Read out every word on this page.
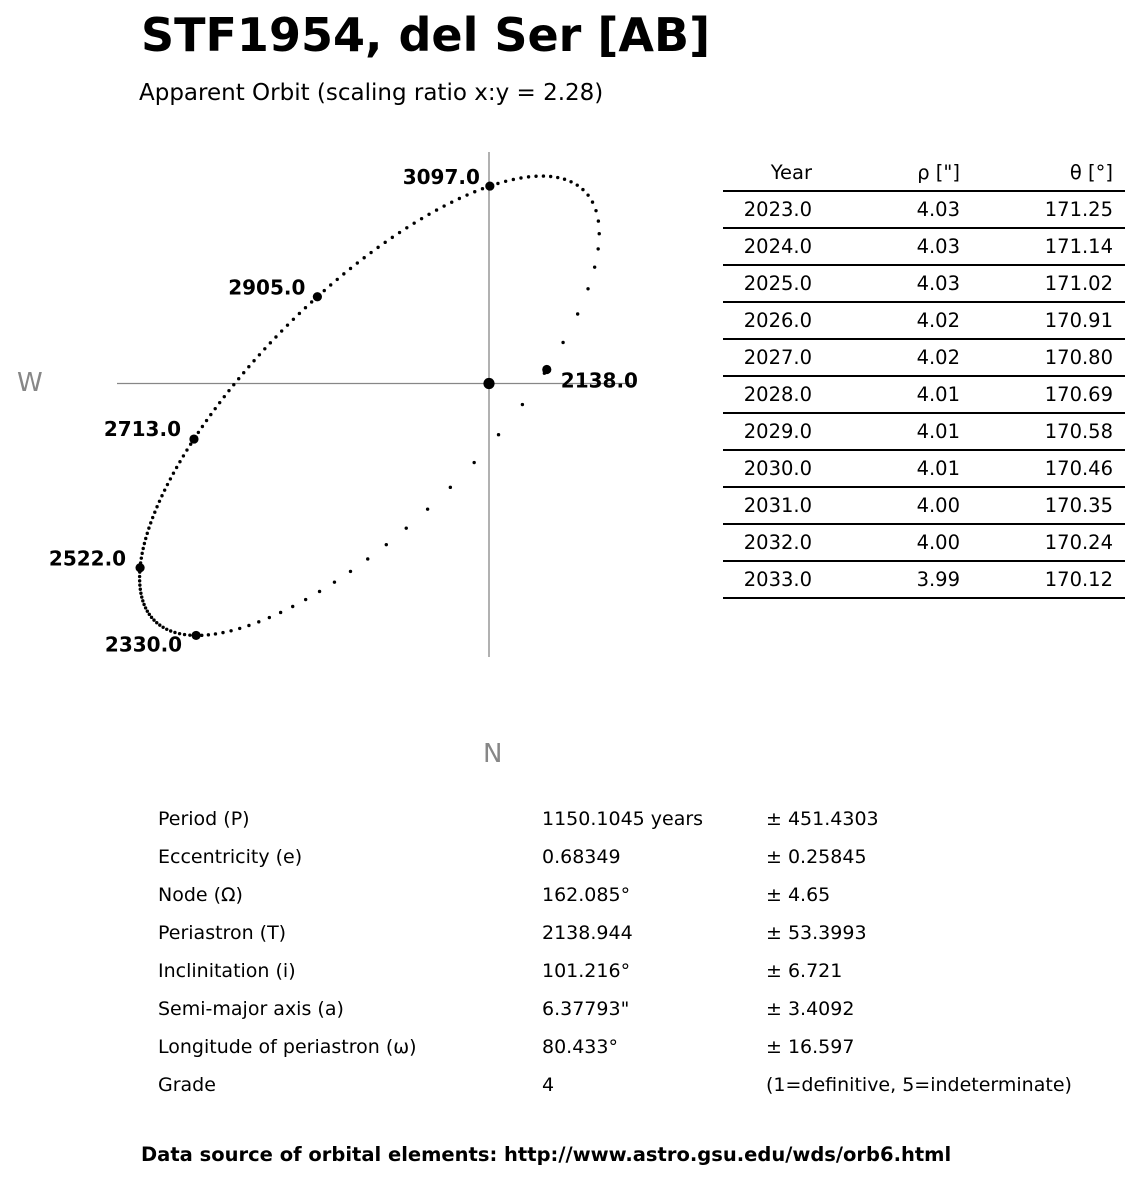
STF1954, del Ser [AB]
Apparent Orbit (scaling ratio x:y = 2.28)
W
N
2138.0
2330.0
2522.0
2713.0
2905.0
3097.0	Year	ρ ["]	θ [°]
2023.0	4.03	171.25
2024.0	4.03	171.14
2025.0	4.03	171.02
2026.0	4.02	170.91
2027.0	4.02	170.80
2028.0	4.01	170.69
2029.0	4.01	170.58
2030.0	4.01	170.46
2031.0	4.00	170.35
2032.0	4.00	170.24
2033.0	3.99	170.12
Period (P)	1150.1045 years	± 451.4303
Eccentricity (e)	0.68349	± 0.25845
Node (Ω)	162.085°	± 4.65
Periastron (T)	2138.944	± 53.3993
Inclinitation (i)	101.216°	± 6.721
Semi-major axis (a)	6.37793"	± 3.4092
Longitude of periastron (ω)	80.433°	± 16.597
Grade	4	(1=definitive, 5=indeterminate)
Data source of orbital elements: http://www.astro.gsu.edu/wds/orb6.html
